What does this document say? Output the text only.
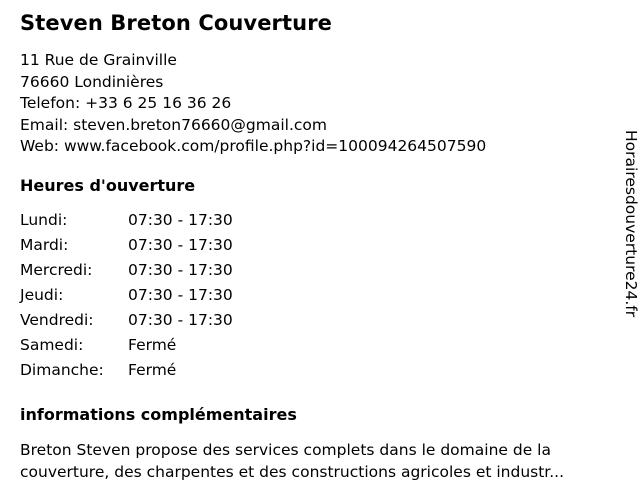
Steven Breton Couverture
11 Rue de Grainville
76660 Londinières
Telefon: +33 6 25 16 36 26
Email: steven.breton76660@gmail.com
Web: www.facebook.com/profile.php?id=100094264507590
Heures d'ouverture
Lundi:	07:30 - 17:30
Mardi:	07:30 - 17:30
Mercredi:	07:30 - 17:30
Jeudi:	07:30 - 17:30
Vendredi:	07:30 - 17:30
Samedi:	Fermé
Dimanche:	Fermé
informations complémentaires
Breton Steven propose des services complets dans le domaine de la couverture, des charpentes et des constructions agricoles et industr...
Horairesdouverture24.fr
